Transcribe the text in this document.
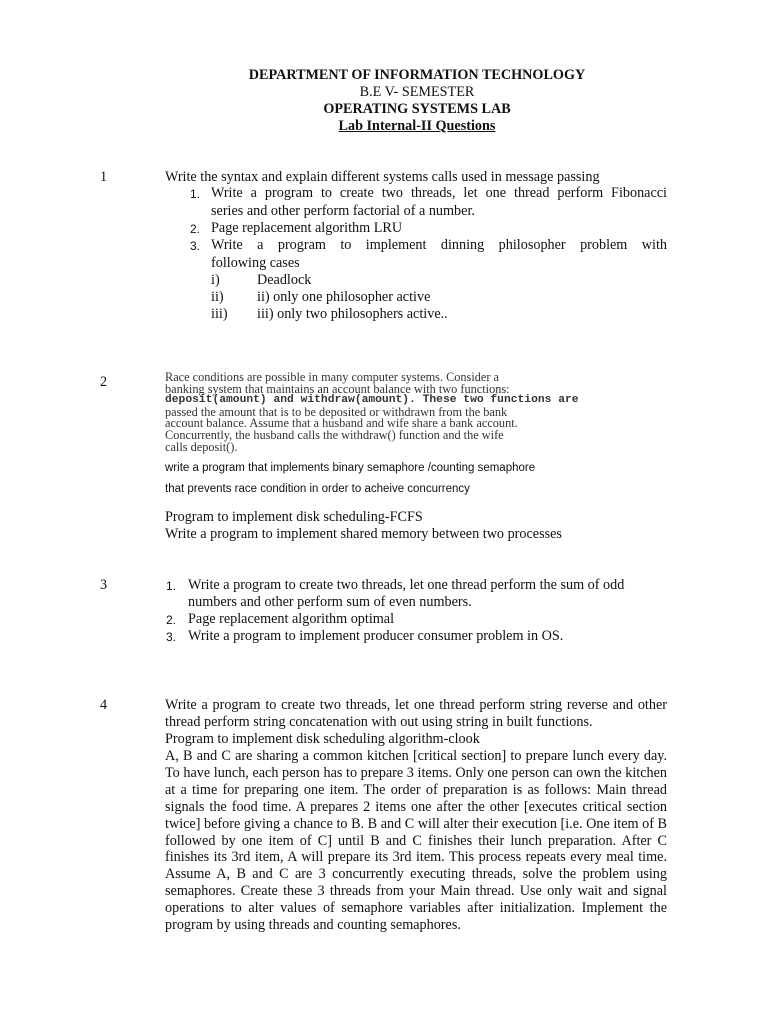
DEPARTMENT OF INFORMATION TECHNOLOGY
B.E V- SEMESTER
OPERATING SYSTEMS LAB
Lab Internal-II Questions
1	Write the syntax and explain different systems calls used in message passing
1. Write a program to create two threads, let one thread perform Fibonacci
series and other perform factorial of a number.
2. Page replacement algorithm LRU
3. Write a program to implement dinning philosopher problem with
following cases
i)	Deadlock
ii) ii) only one philosopher active
iii) iii) only two philosophers active..
2	Race conditions are possible in many computer systems. Consider a
banking system that maintains an account balance with two functions:
deposit(amount) and withdraw(amount). These two functions are
passed the amount that is to be deposited or withdrawn from the bank
account balance. Assume that a husband and wife share a bank account.
Concurrently, the husband calls the withdraw() function and the wife
calls deposit().
write a program that implements binary semaphore /counting semaphore
that prevents race condition in order to acheive concurrency
Program to implement disk scheduling-FCFS
Write a program to implement shared memory between two processes
3	1. Write a program to create two threads, let one thread perform the sum of odd
numbers and other perform sum of even numbers.
2. Page replacement algorithm optimal
3. Write a program to implement producer consumer problem in OS.
4	Write a program to create two threads, let one thread perform string reverse and other thread perform string concatenation with out using string in built functions.
Program to implement disk scheduling algorithm-clook
A, B and C are sharing a common kitchen [critical section] to prepare lunch every day. To have lunch, each person has to prepare 3 items. Only one person can own the kitchen at a time for preparing one item. The order of preparation is as follows: Main thread signals the food time. A prepares 2 items one after the other [executes critical section twice] before giving a chance to B. B and C will alter their execution [i.e. One item of B followed by one item of C] until B and C finishes their lunch preparation. After C finishes its 3rd item, A will prepare its 3rd item. This process repeats every meal time. Assume A, B and C are 3 concurrently executing threads, solve the problem using semaphores. Create these 3 threads from your Main thread. Use only wait and signal operations to alter values of semaphore variables after initialization. Implement the program by using threads and counting semaphores.
